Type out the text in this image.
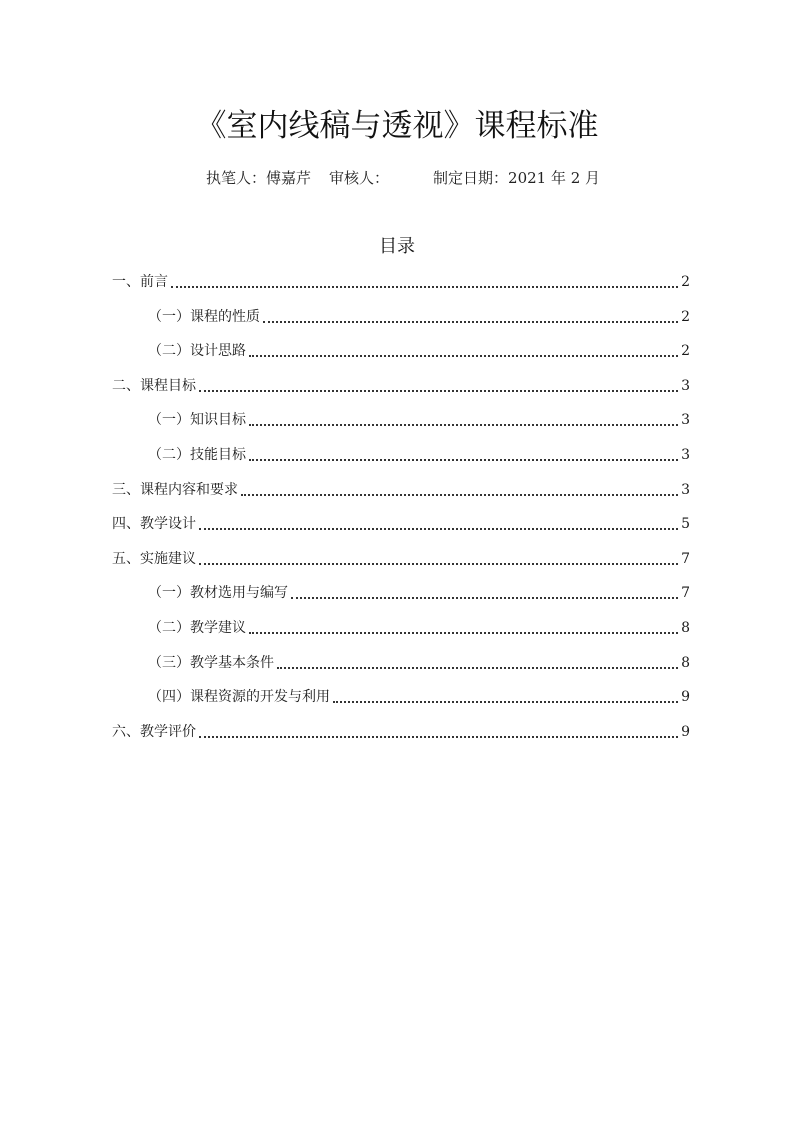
《室内线稿与透视》课程标准
执笔人：傅嘉芹 审核人：	制定日期：2021 年 2 月
目录
一、前言	2
（一）课程的性质	2
（二）设计思路	2
二、课程目标	3
（一）知识目标	3
（二）技能目标	3
三、课程内容和要求	3
四、教学设计	5
五、实施建议	7
（一）教材选用与编写	7
（二）教学建议	8
（三）教学基本条件	8
（四）课程资源的开发与利用	9
六、教学评价	9
